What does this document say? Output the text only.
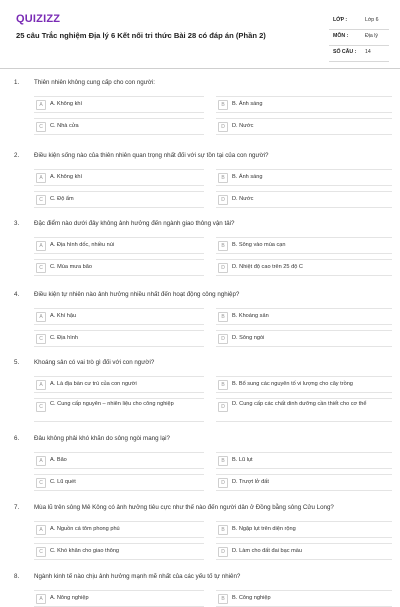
QUIZIZZ
25 câu Trắc nghiệm Địa lý 6 Kết nối tri thức Bài 28 có đáp án (Phần 2)
LỚP :	Lớp 6
MÔN :	Địa lý
SỐ CÂU : 14
1. Thiên nhiên không cung cấp cho con người:
A	A. Không khí	B	B. Ánh sáng
C	C. Nhà cửa	D	D. Nước
2. Điều kiện sống nào của thiên nhiên quan trọng nhất đối với sự tồn tại của con người?
A	A. Không khí	B	B. Ánh sáng
C	C. Độ ẩm	D	D. Nước
3. Đặc điểm nào dưới đây không ảnh hưởng đến ngành giao thông vận tải?
A	A. Địa hình dốc, nhiều núi	B	B. Sông vào mùa cạn
C	C. Mùa mưa bão	D	D. Nhiệt độ cao trên 25 độ C
4. Điều kiện tự nhiên nào ảnh hưởng nhiều nhất đến hoạt động công nghiệp?
A	A. Khí hậu	B	B. Khoáng sản
C	C. Địa hình	D	D. Sông ngòi
5. Khoáng sản có vai trò gì đối với con người?
A	A. Là địa bàn cư trú của con người	B	B. Bổ sung các nguyên tố vi lượng cho cây trồng
C	C. Cung cấp nguyên – nhiên liệu cho công nghiệp	D	D. Cung cấp các chất dinh dưỡng cần thiết cho cơ thể
6. Đâu không phải khó khăn do sông ngòi mang lại?
A	A. Bão	B	B. Lũ lụt
C	C. Lũ quét	D	D. Trượt lở đất
7. Mùa lũ trên sông Mê Kông có ảnh hưởng tiêu cực như thế nào đến người dân ở Đồng bằng sông Cửu Long?
A	A. Nguồn cá tôm phong phú	B	B. Ngập lụt trên diện rộng
C	C. Khó khăn cho giao thông	D	D. Làm cho đất đai bạc màu
8. Ngành kinh tế nào chịu ảnh hưởng mạnh mẽ nhất của các yếu tố tự nhiên?
A	A. Nông nghiệp	B	B. Công nghiệp
